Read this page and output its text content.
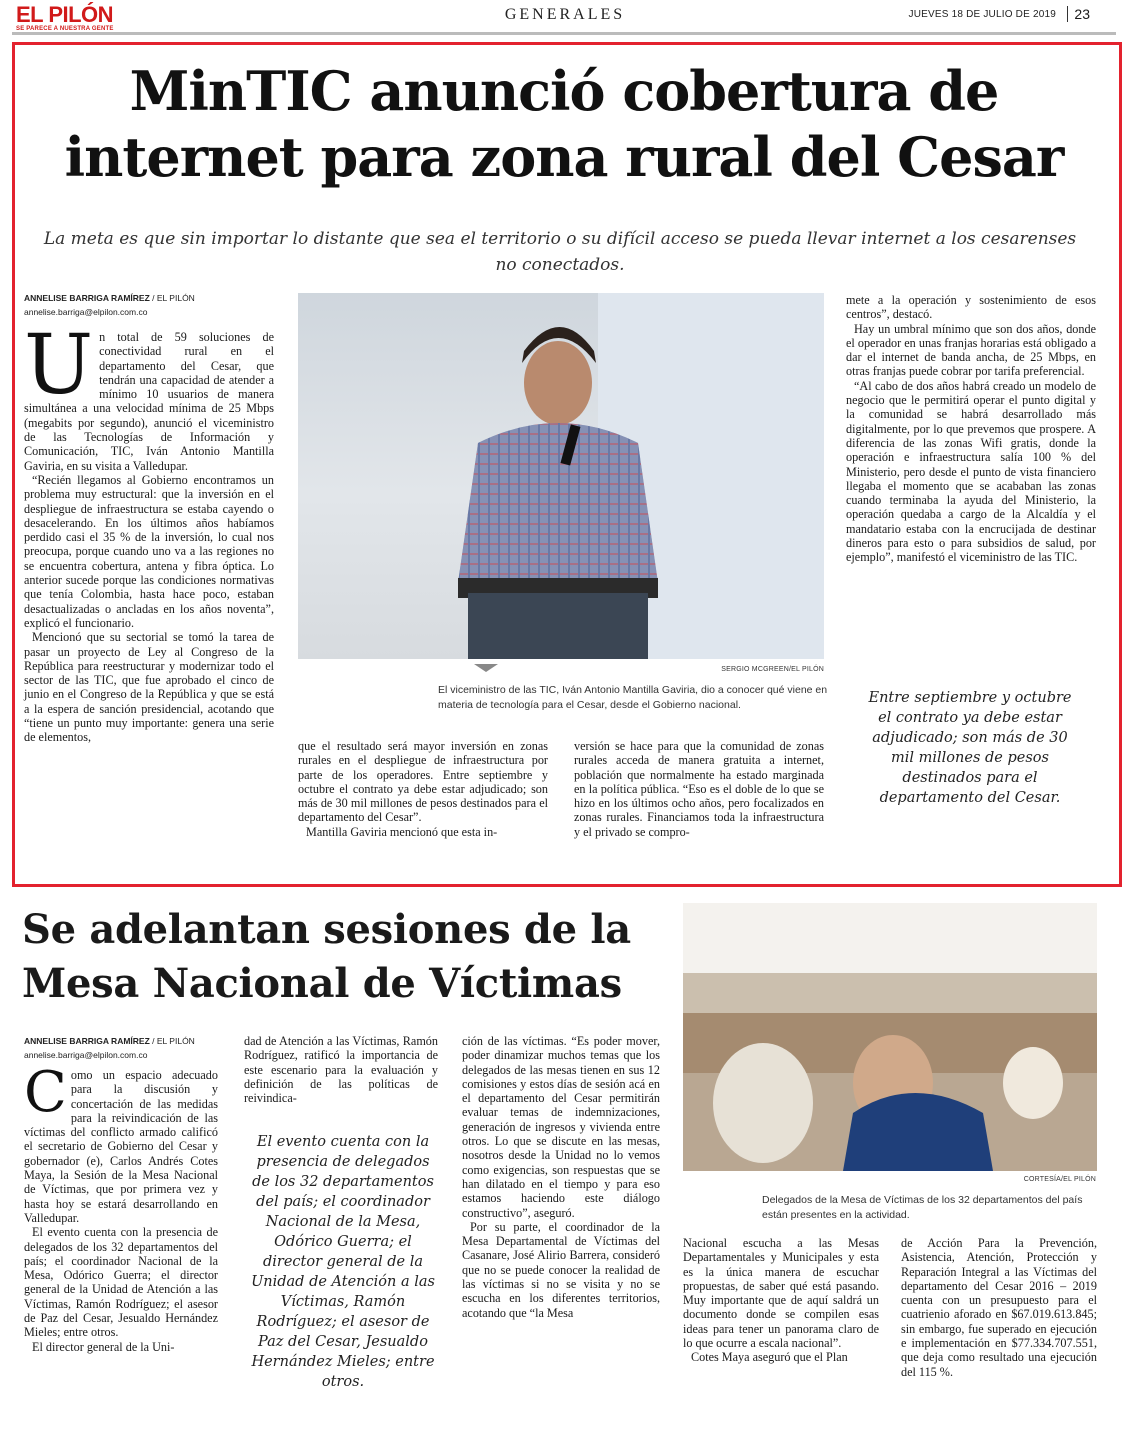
EL PILÓN
SE PARECE A NUESTRA GENTE
GENERALES	JUEVES 18 DE JULIO DE 2019 23
MinTIC anunció cobertura de internet para zona rural del Cesar
La meta es que sin importar lo distante que sea el territorio o su difícil acceso se pueda llevar internet a los cesarenses no conectados.
ANNELISE BARRIGA RAMÍREZ / EL PILÓN
annelise.barriga@elpilon.com.co
U n total de 59 soluciones de conectividad rural en el departamento del Cesar, que tendrán una capacidad de atender a mínimo 10 usuarios de manera simultánea a una velocidad mínima de 25 Mbps (megabits por segundo), anunció el viceministro de las Tecnologías de Información y Comunicación, TIC, Iván Antonio Mantilla Gaviria, en su visita a Valledupar.

“Recién llegamos al Gobierno encontramos un problema muy estructural: que la inversión en el despliegue de infraestructura se estaba cayendo o desacelerando. En los últimos años habíamos perdido casi el 35 % de la inversión, lo cual nos preocupa, porque cuando uno va a las regiones no se encuentra cobertura, antena y fibra óptica. Lo anterior sucede porque las condiciones normativas que tenía Colombia, hasta hace poco, estaban desactualizadas o ancladas en los años noventa”, explicó el funcionario.

Mencionó que su sectorial se tomó la tarea de pasar un proyecto de Ley al Congreso de la República para reestructurar y modernizar todo el sector de las TIC, que fue aprobado el cinco de junio en el Congreso de la República y que se está a la espera de sanción presidencial, acotando que “tiene un punto muy importante: genera una serie de elementos,

SERGIO MCGREEN/EL PILÓN
El viceministro de las TIC, Iván Antonio Mantilla Gaviria, dio a conocer qué viene en materia de tecnología para el Cesar, desde el Gobierno nacional.

que el resultado será mayor inversión en zonas rurales en el despliegue de infraestructura por parte de los operadores. Entre septiembre y octubre el contrato ya debe estar adjudicado; son más de 30 mil millones de pesos destinados para el departamento del Cesar”.

Mantilla Gaviria mencionó que esta in-

versión se hace para que la comunidad de zonas rurales acceda de manera gratuita a internet, población que normalmente ha estado marginada en la política pública. “Eso es el doble de lo que se hizo en los últimos ocho años, pero focalizados en zonas rurales. Financiamos toda la infraestructura y el privado se compro-

mete a la operación y sostenimiento de esos centros”, destacó.

Hay un umbral mínimo que son dos años, donde el operador en unas franjas horarias está obligado a dar el internet de banda ancha, de 25 Mbps, en otras franjas puede cobrar por tarifa preferencial.

“Al cabo de dos años habrá creado un modelo de negocio que le permitirá operar el punto digital y la comunidad se habrá desarrollado más digitalmente, por lo que prevemos que prospere. A diferencia de las zonas Wifi gratis, donde la operación e infraestructura salía 100 % del Ministerio, pero desde el punto de vista financiero llegaba el momento que se acababan las zonas cuando terminaba la ayuda del Ministerio, la operación quedaba a cargo de la Alcaldía y el mandatario estaba con la encrucijada de destinar dineros para esto o para subsidios de salud, por ejemplo”, manifestó el viceministro de las TIC.

Entre septiembre y octubre el contrato ya debe estar adjudicado; son más de 30 mil millones de pesos destinados para el departamento del Cesar.
Se adelantan sesiones de la Mesa Nacional de Víctimas
ANNELISE BARRIGA RAMÍREZ / EL PILÓN
annelise.barriga@elpilon.com.co
C omo un espacio adecuado para la discusión y concertación de las medidas para la reivindicación de las víctimas del conflicto armado calificó el secretario de Gobierno del Cesar y gobernador (e), Carlos Andrés Cotes Maya, la Sesión de la Mesa Nacional de Víctimas, que por primera vez y hasta hoy se estará desarrollando en Valledupar.

El evento cuenta con la presencia de delegados de los 32 departamentos del país; el coordinador Nacional de la Mesa, Odórico Guerra; el director general de la Unidad de Atención a las Víctimas, Ramón Rodríguez; el asesor de Paz del Cesar, Jesualdo Hernández Mieles; entre otros.

El director general de la Uni-

dad de Atención a las Víctimas, Ramón Rodríguez, ratificó la importancia de este escenario para la evaluación y definición de las políticas de reivindica-

El evento cuenta con la presencia de delegados de los 32 departamentos del país; el coordinador Nacional de la Mesa, Odórico Guerra; el director general de la Unidad de Atención a las Víctimas, Ramón Rodríguez; el asesor de Paz del Cesar, Jesualdo Hernández Mieles; entre otros.

ción de las víctimas. “Es poder mover, poder dinamizar muchos temas que los delegados de las mesas tienen en sus 12 comisiones y estos días de sesión acá en el departamento del Cesar permitirán evaluar temas de indemnizaciones, generación de ingresos y vivienda entre otros. Lo que se discute en las mesas, nosotros desde la Unidad no lo vemos como exigencias, son respuestas que se han dilatado en el tiempo y para eso estamos haciendo este diálogo constructivo”, aseguró.

Por su parte, el coordinador de la Mesa Departamental de Víctimas del Casanare, José Alirio Barrera, consideró que no se puede conocer la realidad de las víctimas si no se visita y no se escucha en los diferentes territorios, acotando que “la Mesa

CORTESÍA/EL PILÓN
Delegados de la Mesa de Víctimas de los 32 departamentos del país están presentes en la actividad.

Nacional escucha a las Mesas Departamentales y Municipales y esta es la única manera de escuchar propuestas, de saber qué está pasando. Muy importante que de aquí saldrá un documento donde se compilen esas ideas para tener un panorama claro de lo que ocurre a escala nacional”.

Cotes Maya aseguró que el Plan

de Acción Para la Prevención, Asistencia, Atención, Protección y Reparación Integral a las Víctimas del departamento del Cesar 2016 – 2019 cuenta con un presupuesto para el cuatrienio aforado en $67.019.613.845; sin embargo, fue superado en ejecución e implementación en $77.334.707.551, que deja como resultado una ejecución del 115 %.
